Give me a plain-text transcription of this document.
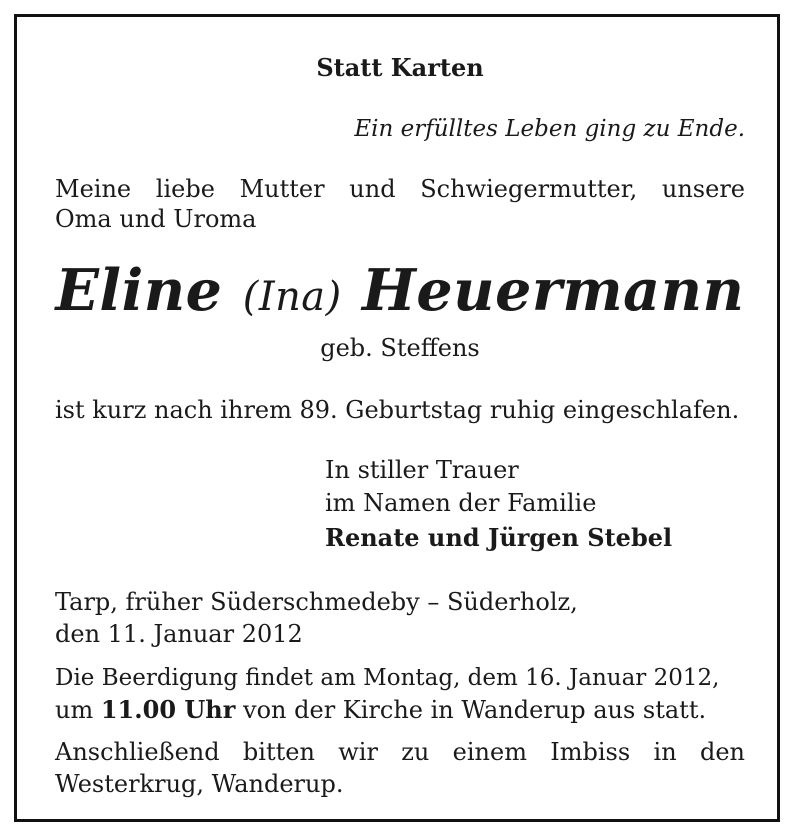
Statt Karten
Ein erfülltes Leben ging zu Ende.
Meine liebe Mutter und Schwiegermutter, unsere
Oma und Uroma
Eline (Ina) Heuermann
geb. Steffens
ist kurz nach ihrem 89. Geburtstag ruhig eingeschlafen.
In stiller Trauer
im Namen der Familie
Renate und Jürgen Stebel
Tarp, früher Süderschmedeby – Süderholz,
den 11. Januar 2012
Die Beerdigung findet am Montag, dem 16. Januar 2012,
um 11.00 Uhr von der Kirche in Wanderup aus statt.
Anschließend bitten wir zu einem Imbiss in den
Westerkrug, Wanderup.
